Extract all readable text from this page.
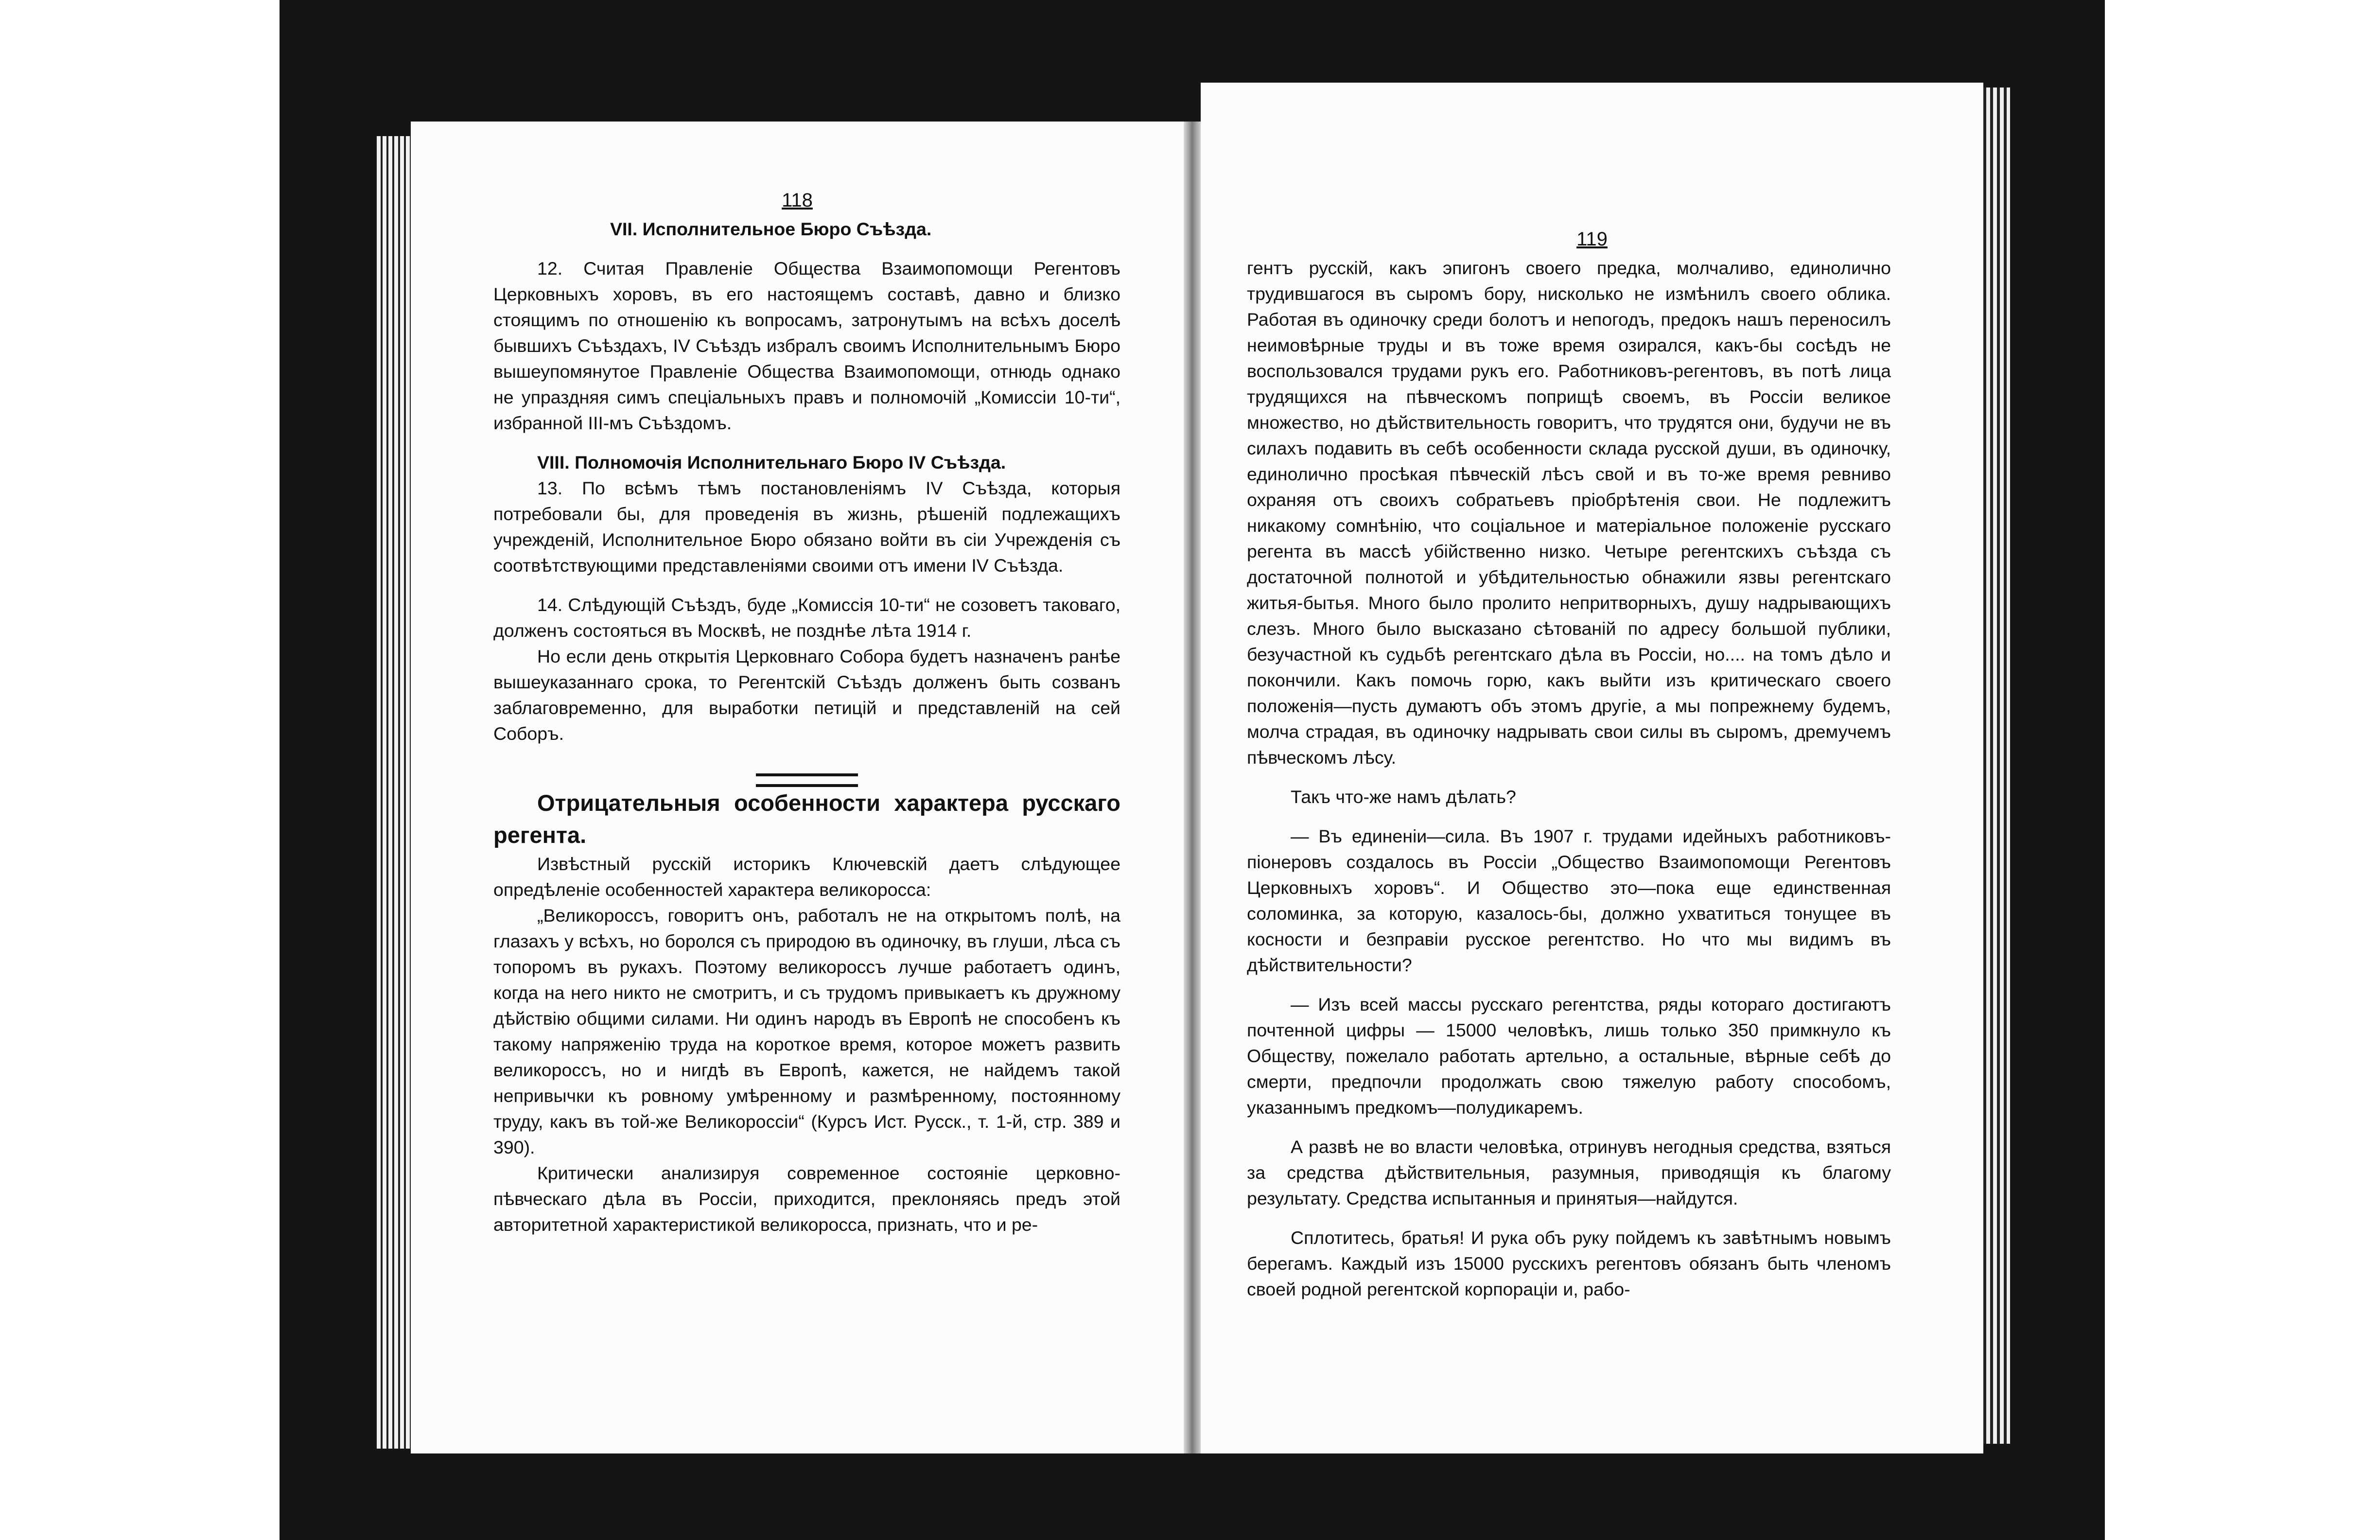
118

VII. Исполнительное Бюро Съѣзда.

12. Считая Правленіе Общества Взаимопомощи Регентовъ Церковныхъ хоровъ, въ его настоящемъ составѣ, давно и близко стоящимъ по отношенію къ вопросамъ, затронутымъ на всѣхъ доселѣ бывшихъ Съѣздахъ, IV Съѣздъ избралъ своимъ Исполнительнымъ Бюро вышеупомянутое Правленіе Общества Взаимопомощи, отнюдь однако не упраздняя симъ спеціальныхъ правъ и полномочій „Комиссіи 10-ти“, избранной III-мъ Съѣздомъ.

VIII. Полномочія Исполнительнаго Бюро IV Съѣзда.

13. По всѣмъ тѣмъ постановленіямъ IV Съѣзда, которыя потребовали бы, для проведенія въ жизнь, рѣшеній подлежащихъ учрежденій, Исполнительное Бюро обязано войти въ сіи Учрежденія съ соотвѣтствующими представленіями своими отъ имени IV Съѣзда.

14. Слѣдующій Съѣздъ, буде „Комиссія 10-ти“ не созоветъ таковаго, долженъ состояться въ Москвѣ, не позднѣе лѣта 1914 г.

Но если день открытія Церковнаго Собора будетъ назначенъ ранѣе вышеуказаннаго срока, то Регентскій Съѣздъ долженъ быть созванъ заблаговременно, для выработки петицій и представленій на сей Соборъ.

Отрицательныя особенности характера русскаго регента.

Извѣстный русскій историкъ Ключевскій даетъ слѣдующее опредѣленіе особенностей характера великоросса:

„Великороссъ, говоритъ онъ, работалъ не на открытомъ полѣ, на глазахъ у всѣхъ, но боролся съ природою въ одиночку, въ глуши, лѣса съ топоромъ въ рукахъ. Поэтому великороссъ лучше работаетъ одинъ, когда на него никто не смотритъ, и съ трудомъ привыкаетъ къ дружному дѣйствію общими силами. Ни одинъ народъ въ Европѣ не способенъ къ такому напряженію труда на короткое время, которое можетъ развить великороссъ, но и нигдѣ въ Европѣ, кажется, не найдемъ такой непривычки къ ровному умѣренному и размѣренному, постоянному труду, какъ въ той-же Великороссіи“ (Курсъ Ист. Русск., т. 1-й, стр. 389 и 390).

Критически анализируя современное состояніе церковно-пѣвческаго дѣла въ Россіи, приходится, преклоняясь предъ этой авторитетной характеристикой великоросса, признать, что и ре-

119

гентъ русскій, какъ эпигонъ своего предка, молчаливо, единолично трудившагося въ сыромъ бору, нисколько не измѣнилъ своего облика. Работая въ одиночку среди болотъ и непогодъ, предокъ нашъ переносилъ неимовѣрные труды и въ тоже время озирался, какъ-бы сосѣдъ не воспользовался трудами рукъ его. Работниковъ-регентовъ, въ потѣ лица трудящихся на пѣвческомъ поприщѣ своемъ, въ Россіи великое множество, но дѣйствительность говоритъ, что трудятся они, будучи не въ силахъ подавить въ себѣ особенности склада русской души, въ одиночку, единолично просѣкая пѣвческій лѣсъ свой и въ то-же время ревниво охраняя отъ своихъ собратьевъ пріобрѣтенія свои. Не подлежитъ никакому сомнѣнію, что соціальное и матеріальное положеніе русскаго регента въ массѣ убійственно низко. Четыре регентскихъ съѣзда съ достаточной полнотой и убѣдительностью обнажили язвы регентскаго житья-бытья. Много было пролито непритворныхъ, душу надрывающихъ слезъ. Много было высказано сѣтованій по адресу большой публики, безучастной къ судьбѣ регентскаго дѣла въ Россіи, но.... на томъ дѣло и покончили. Какъ помочь горю, какъ выйти изъ критическаго своего положенія—пусть думаютъ объ этомъ другіе, а мы попрежнему будемъ, молча страдая, въ одиночку надрывать свои силы въ сыромъ, дремучемъ пѣвческомъ лѣсу.

Такъ что-же намъ дѣлать?

— Въ единеніи—сила. Въ 1907 г. трудами идейныхъ работниковъ-піонеровъ создалось въ Россіи „Общество Взаимопомощи Регентовъ Церковныхъ хоровъ“. И Общество это—пока еще единственная соломинка, за которую, казалось-бы, должно ухватиться тонущее въ косности и безправіи русское регентство. Но что мы видимъ въ дѣйствительности?

— Изъ всей массы русскаго регентства, ряды котораго достигаютъ почтенной цифры — 15000 человѣкъ, лишь только 350 примкнуло къ Обществу, пожелало работать артельно, а остальные, вѣрные себѣ до смерти, предпочли продолжать свою тяжелую работу способомъ, указаннымъ предкомъ—полудикаремъ.

А развѣ не во власти человѣка, отринувъ негодныя средства, взяться за средства дѣйствительныя, разумныя, приводящія къ благому результату. Средства испытанныя и принятыя—найдутся.

Сплотитесь, братья! И рука объ руку пойдемъ къ завѣтнымъ новымъ берегамъ. Каждый изъ 15000 русскихъ регентовъ обязанъ быть членомъ своей родной регентской корпораціи и, рабо-
